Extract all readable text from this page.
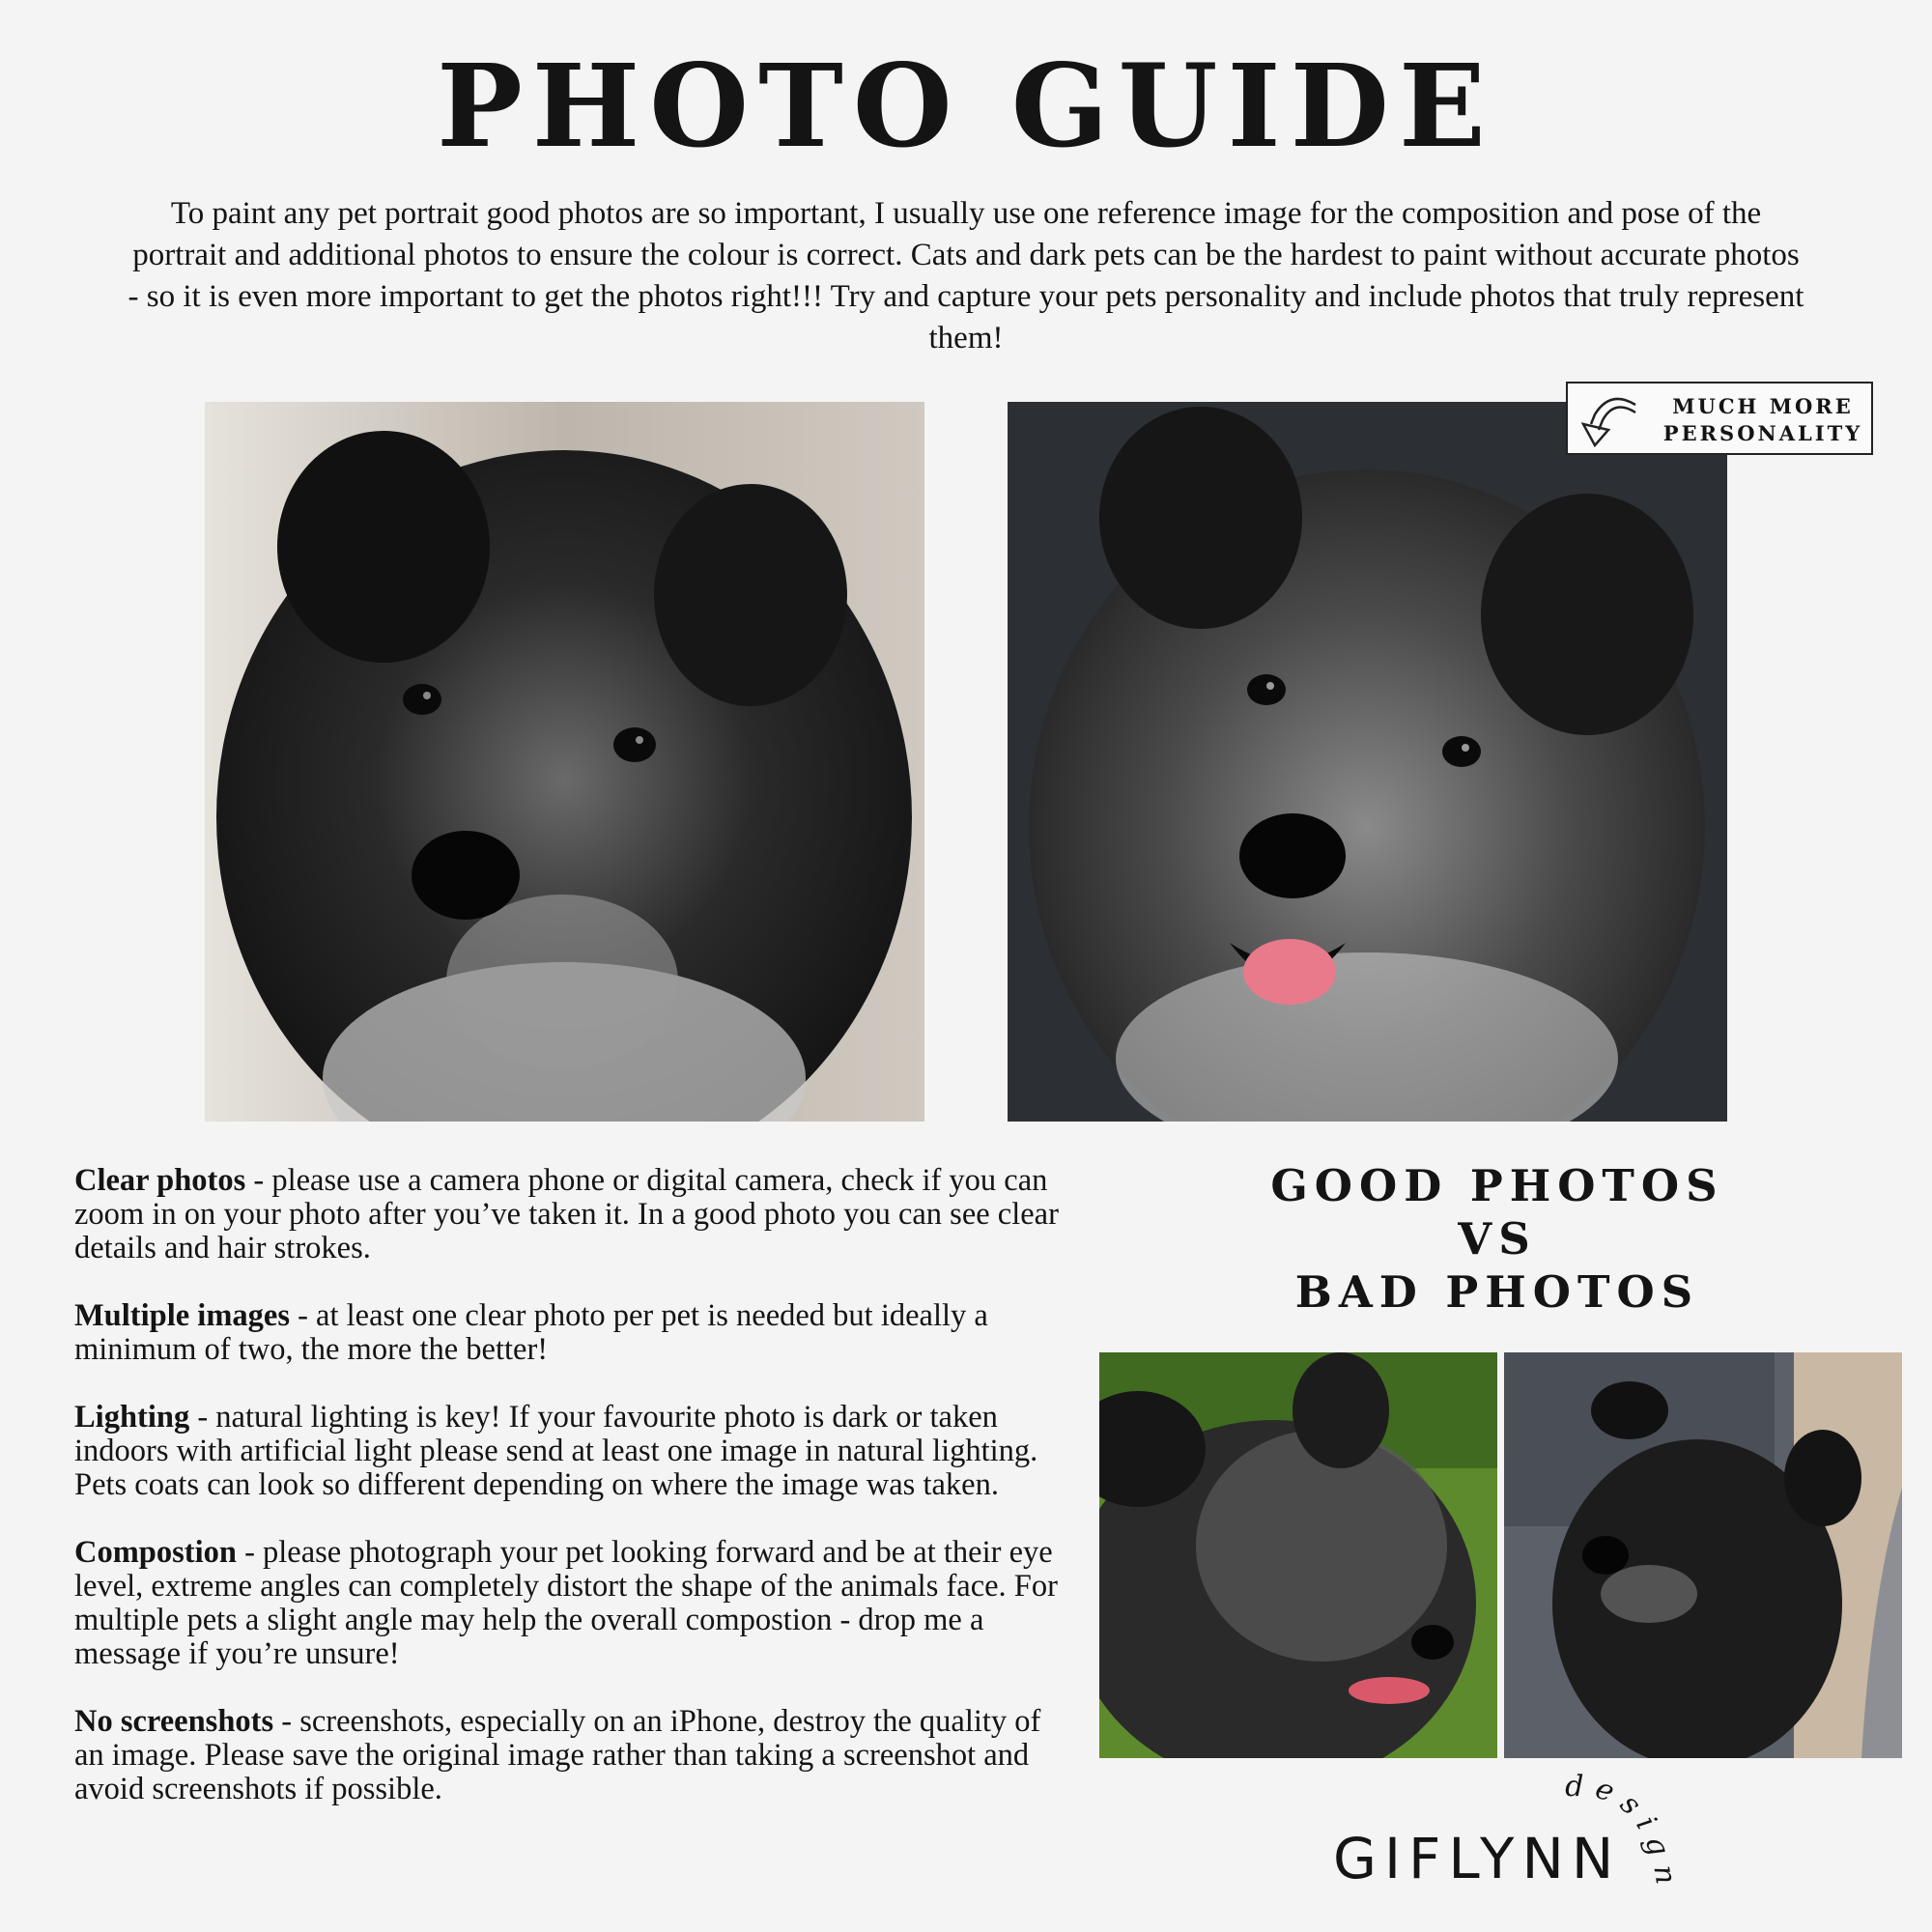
PHOTO GUIDE

To paint any pet portrait good photos are so important, I usually use one reference image for the composition and pose of the portrait and additional photos to ensure the colour is correct. Cats and dark pets can be the hardest to paint without accurate photos - so it is even more important to get the photos right!!! Try and capture your pets personality and include photos that truly represent them!

MUCH MORE
PERSONALITY

Clear photos - please use a camera phone or digital camera, check if you can zoom in on your photo after you’ve taken it. In a good photo you can see clear details and hair strokes.

Multiple images - at least one clear photo per pet is needed but ideally a minimum of two, the more the better!

Lighting - natural lighting is key! If your favourite photo is dark or taken indoors with artificial light please send at least one image in natural lighting. Pets coats can look so different depending on where the image was taken.

Compostion - please photograph your pet looking forward and be at their eye level, extreme angles can completely distort the shape of the animals face. For multiple pets a slight angle may help the overall compostion - drop me a message if you’re unsure!

No screenshots - screenshots, especially on an iPhone, destroy the quality of an image. Please save the original image rather than taking a screenshot and avoid screenshots if possible.

GOOD PHOTOS
VS
BAD PHOTOS
GIFLYNN
design
